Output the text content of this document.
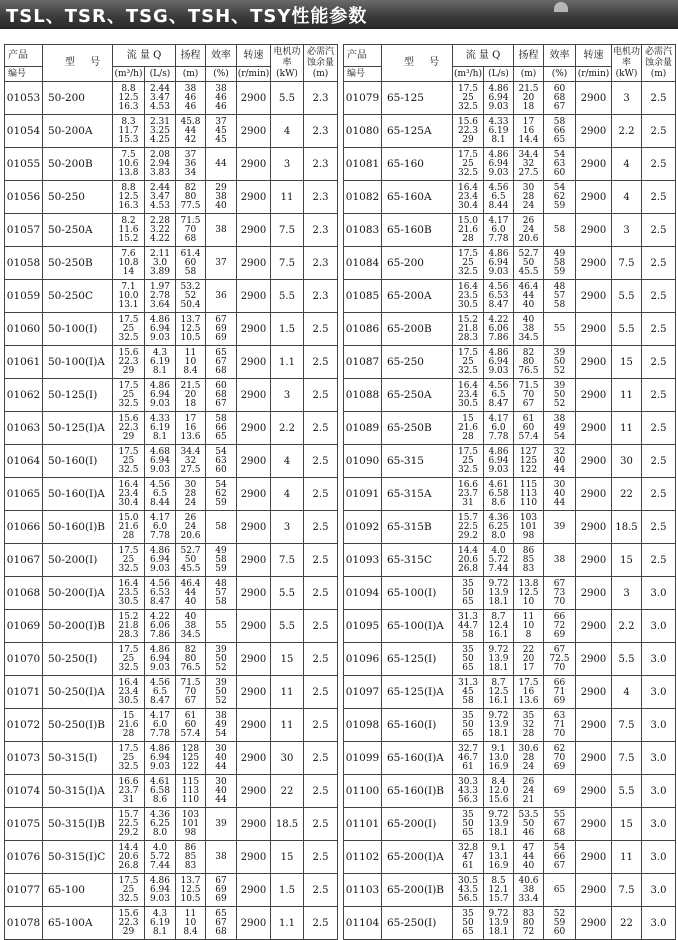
TSL、TSR、TSG、TSH、TSY性能参数
产品	型 号	流 量 Q		扬程	效率	转速	电机功率
(kW)	必需汽蚀余量
(m)
编号		(m³/h)	(L/s)	(m)	(%)	(r/min)		
01053	50-200	8.8
12.5
16.3	2.44
3.47
4.53	38
46
46	38
46
46	2900	5.5	2.3
01054	50-200A	8.3
11.7
15.3	2.31
3.25
4.25	45.8
44
42	37
45
45	2900	4	2.3
01055	50-200B	7.5
10.6
13.8	2.08
2.94
3.83	37
36
34	44	2900	3	2.3
01056	50-250	8.8
12.5
16.3	2.44
3.47
4.53	82
80
77.5	29
38
40	2900	11	2.3
01057	50-250A	8.2
11.6
15.2	2.28
3.22
4.22	71.5
70
68	38	2900	7.5	2.3
01058	50-250B	7.6
10.8
14	2.11
3.0
3.89	61.4
60
58	37	2900	7.5	2.3
01059	50-250C	7.1
10.0
13.1	1.97
2.78
3.64	53.2
52
50.4	36	2900	5.5	2.3
01060	50-100(I)	17.5
25
32.5	4.86
6.94
9.03	13.7
12.5
10.5	67
69
69	2900	1.5	2.5
01061	50-100(I)A	15.6
22.3
29	4.3
6.19
8.1	11
10
8.4	65
67
68	2900	1.1	2.5
01062	50-125(I)	17.5
25
32.5	4.86
6.94
9.03	21.5
20
18	60
68
67	2900	3	2.5
01063	50-125(I)A	15.6
22.3
29	4.33
6.19
8.1	17
16
13.6	58
66
65	2900	2.2	2.5
01064	50-160(I)	17.5
25
32.5	4.68
6.94
9.03	34.4
32
27.5	54
63
60	2900	4	2.5
01065	50-160(I)A	16.4
23.4
30.4	4.56
6.5
8.44	30
28
24	54
62
59	2900	4	2.5
01066	50-160(I)B	15.0
21.6
28	4.17
6.0
7.78	26
24
20.6	58	2900	3	2.5
01067	50-200(I)	17.5
25
32.5	4.86
6.94
9.03	52.7
50
45.5	49
58
59	2900	7.5	2.5
01068	50-200(I)A	16.4
23.5
30.5	4.56
6.53
8.47	46.4
44
40	48
57
58	2900	5.5	2.5
01069	50-200(I)B	15.2
21.8
28.3	4.22
6.06
7.86	40
38
34.5	55	2900	5.5	2.5
01070	50-250(I)	17.5
25
32.5	4.86
6.94
9.03	82
80
76.5	39
50
52	2900	15	2.5
01071	50-250(I)A	16.4
23.4
30.5	4.56
6.5
8.47	71.5
70
67	39
50
52	2900	11	2.5
01072	50-250(I)B	15
21.6
28	4.17
6.0
7.78	61
60
57.4	38
49
54	2900	11	2.5
01073	50-315(I)	17.5
25
32.5	4.86
6.94
9.03	128
125
122	30
40
44	2900	30	2.5
01074	50-315(I)A	16.6
23.7
31	4.61
6.58
8.6	115
113
110	30
40
44	2900	22	2.5
01075	50-315(I)B	15.7
22.5
29.2	4.36
6.25
8.0	103
101
98	39	2900	18.5	2.5
01076	50-315(I)C	14.4
20.6
26.8	4.0
5.72
7.44	86
85
83	38	2900	15	2.5
01077	65-100	17.5
25
32.5	4.86
6.94
9.03	13.7
12.5
10.5	67
69
69	2900	1.5	2.5
01078	65-100A	15.6
22.3
29	4.3
6.19
8.1	11
10
8.4	65
67
68	2900	1.1	2.5
产品	型 号	流 量 Q		扬程	效率	转速	电机功率
(kW)	必需汽蚀余量
(m)
编号		(m³/h)	(L/s)	(m)	(%)	(r/min)		
01079	65-125	17.5
25
32.5	4.86
6.94
9.03	21.5
20
18	60
68
67	2900	3	2.5
01080	65-125A	15.6
22.3
29	4.33
6.19
8.1	17
16
14.4	58
66
65	2900	2.2	2.5
01081	65-160	17.5
25
32.5	4.86
6.94
9.03	34.4
32
27.5	54
63
60	2900	4	2.5
01082	65-160A	16.4
23.4
30.4	4.56
6.5
8.44	30
28
24	54
62
59	2900	4	2.5
01083	65-160B	15.0
21.6
28	4.17
6.0
7.78	26
24
20.6	58	2900	3	2.5
01084	65-200	17.5
25
32.5	4.86
6.94
9.03	52.7
50
45.5	49
58
59	2900	7.5	2.5
01085	65-200A	16.4
23.5
30.5	4.56
6.53
8.47	46.4
44
40	48
57
58	2900	5.5	2.5
01086	65-200B	15.2
21.8
28.3	4.22
6.06
7.86	40
38
34.5	55	2900	5.5	2.5
01087	65-250	17.5
25
32.5	4.86
6.94
9.03	82
80
76.5	39
50
52	2900	15	2.5
01088	65-250A	16.4
23.4
30.5	4.56
6.5
8.47	71.5
70
67	39
50
52	2900	11	2.5
01089	65-250B	15
21.6
28	4.17
6.0
7.78	61
60
57.4	38
49
54	2900	11	2.5
01090	65-315	17.5
25
32.5	4.86
6.94
9.03	127
125
122	32
40
44	2900	30	2.5
01091	65-315A	16.6
23.7
31	4.61
6.58
8.6	115
113
110	30
40
44	2900	22	2.5
01092	65-315B	15.7
22.5
29.2	4.36
6.25
8.0	103
101
98	39	2900	18.5	2.5
01093	65-315C	14.4
20.6
26.8	4.0
5.72
7.44	86
85
83	38	2900	15	2.5
01094	65-100(I)	35
50
65	9.72
13.9
18.1	13.8
12.5
10	67
73
70	2900	3	3.0
01095	65-100(I)A	31.3
44.7
58	8.7
12.4
16.1	11
10
8	66
72
69	2900	2.2	3.0
01096	65-125(I)	35
50
65	9.72
13.9
18.1	22
20
17	67
72.5
70	2900	5.5	3.0
01097	65-125(I)A	31.3
45
58	8.7
12.5
16.1	17.5
16
13.6	66
71
69	2900	4	3.0
01098	65-160(I)	35
50
65	9.72
13.9
18.1	35
32
28	63
71
70	2900	7.5	3.0
01099	65-160(I)A	32.7
46.7
61	9.1
13.0
16.9	30.6
28
24	62
70
69	2900	7.5	3.0
01100	65-160(I)B	30.3
43.3
56.3	8.4
12.0
15.6	26
24
21	69	2900	5.5	3.0
01101	65-200(I)	35
50
65	9.72
13.9
18.1	53.5
50
46	55
67
68	2900	15	3.0
01102	65-200(I)A	32.8
47
61	9.1
13.1
16.9	47
44
40	54
66
67	2900	11	3.0
01103	65-200(I)B	30.5
43.5
56.5	8.5
12.1
15.7	40.6
38
33.4	65	2900	7.5	3.0
01104	65-250(I)	35
50
65	9.72
13.9
18.1	83
80
72	52
59
60	2900	22	3.0
